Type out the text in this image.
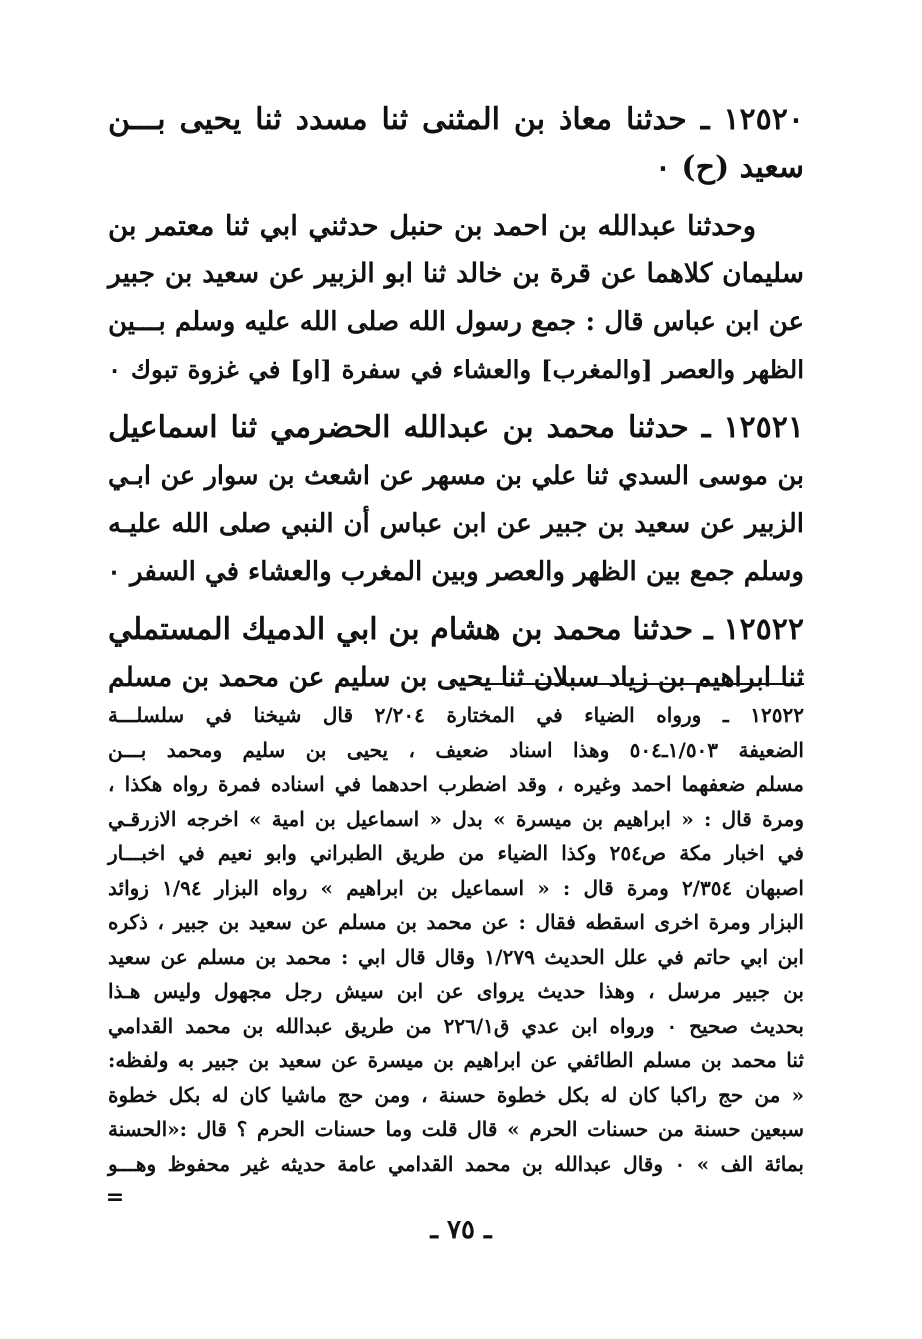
١٢٥٢٠ ـ حدثنا معاذ بن المثنى ثنا مسدد ثنا يحيى بـــن
سعيد (ح) ٠
وحدثنا عبدالله بن احمد بن حنبل حدثني ابي ثنا معتمر بن
سليمان كلاهما عن قرة بن خالد ثنا ابو الزبير عن سعيد بن جبير
عن ابن عباس قال : جمع رسول الله صلى الله عليه وسلم بـــين
الظهر والعصر [والمغرب] والعشاء في سفرة [او] في غزوة تبوك ٠
١٢٥٢١ ـ حدثنا محمد بن عبدالله الحضرمي ثنا اسماعيل
بن موسى السدي ثنا علي بن مسهر عن اشعث بن سوار عن ابـي
الزبير عن سعيد بن جبير عن ابن عباس أن النبي صلى الله عليـه
وسلم جمع بين الظهر والعصر وبين المغرب والعشاء في السفر ٠
١٢٥٢٢ ـ حدثنا محمد بن هشام بن ابي الدميك المستملي
ثنا ابراهيم بن زياد سبلان ثنا يحيى بن سليم عن محمد بن مسلم
١٢٥٢٢ ـ ورواه الضياء في المختارة ٢/٢٠٤ قال شيخنا في سلسلـــة
الضعيفة ١/٥٠٣ـ٥٠٤ وهذا اسناد ضعيف ، يحيى بن سليم ومحمد بـــن
مسلم ضعفهما احمد وغيره ، وقد اضطرب احدهما في اسناده فمرة رواه هكذا ،
ومرة قال : « ابراهيم بن ميسرة » بدل « اسماعيل بن امية » اخرجه الازرقـي
في اخبار مكة ص٢٥٤ وكذا الضياء من طريق الطبراني وابو نعيم في اخبـــار
اصبهان ٢/٣٥٤ ومرة قال : « اسماعيل بن ابراهيم » رواه البزار ١/٩٤ زوائد
البزار ومرة اخرى اسقطه فقال : عن محمد بن مسلم عن سعيد بن جبير ، ذكره
ابن ابي حاتم في علل الحديث ١/٢٧٩ وقال قال ابي : محمد بن مسلم عن سعيد
بن جبير مرسل ، وهذا حديث يرواى عن ابن سيش رجل مجهول وليس هـذا
بحديث صحيح ٠ ورواه ابن عدي ق٢٢٦/١ من طريق عبدالله بن محمد القدامي
ثنا محمد بن مسلم الطائفي عن ابراهيم بن ميسرة عن سعيد بن جبير به ولفظه:
« من حج راكبا كان له بكل خطوة حسنة ، ومن حج ماشيا كان له بكل خطوة
سبعين حسنة من حسنات الحرم » قال قلت وما حسنات الحرم ؟ قال :«الحسنة
بمائة الف » ٠ وقال عبدالله بن محمد القدامي عامة حديثه غير محفوظ وهـــو
=
ـ ٧٥ ـ
